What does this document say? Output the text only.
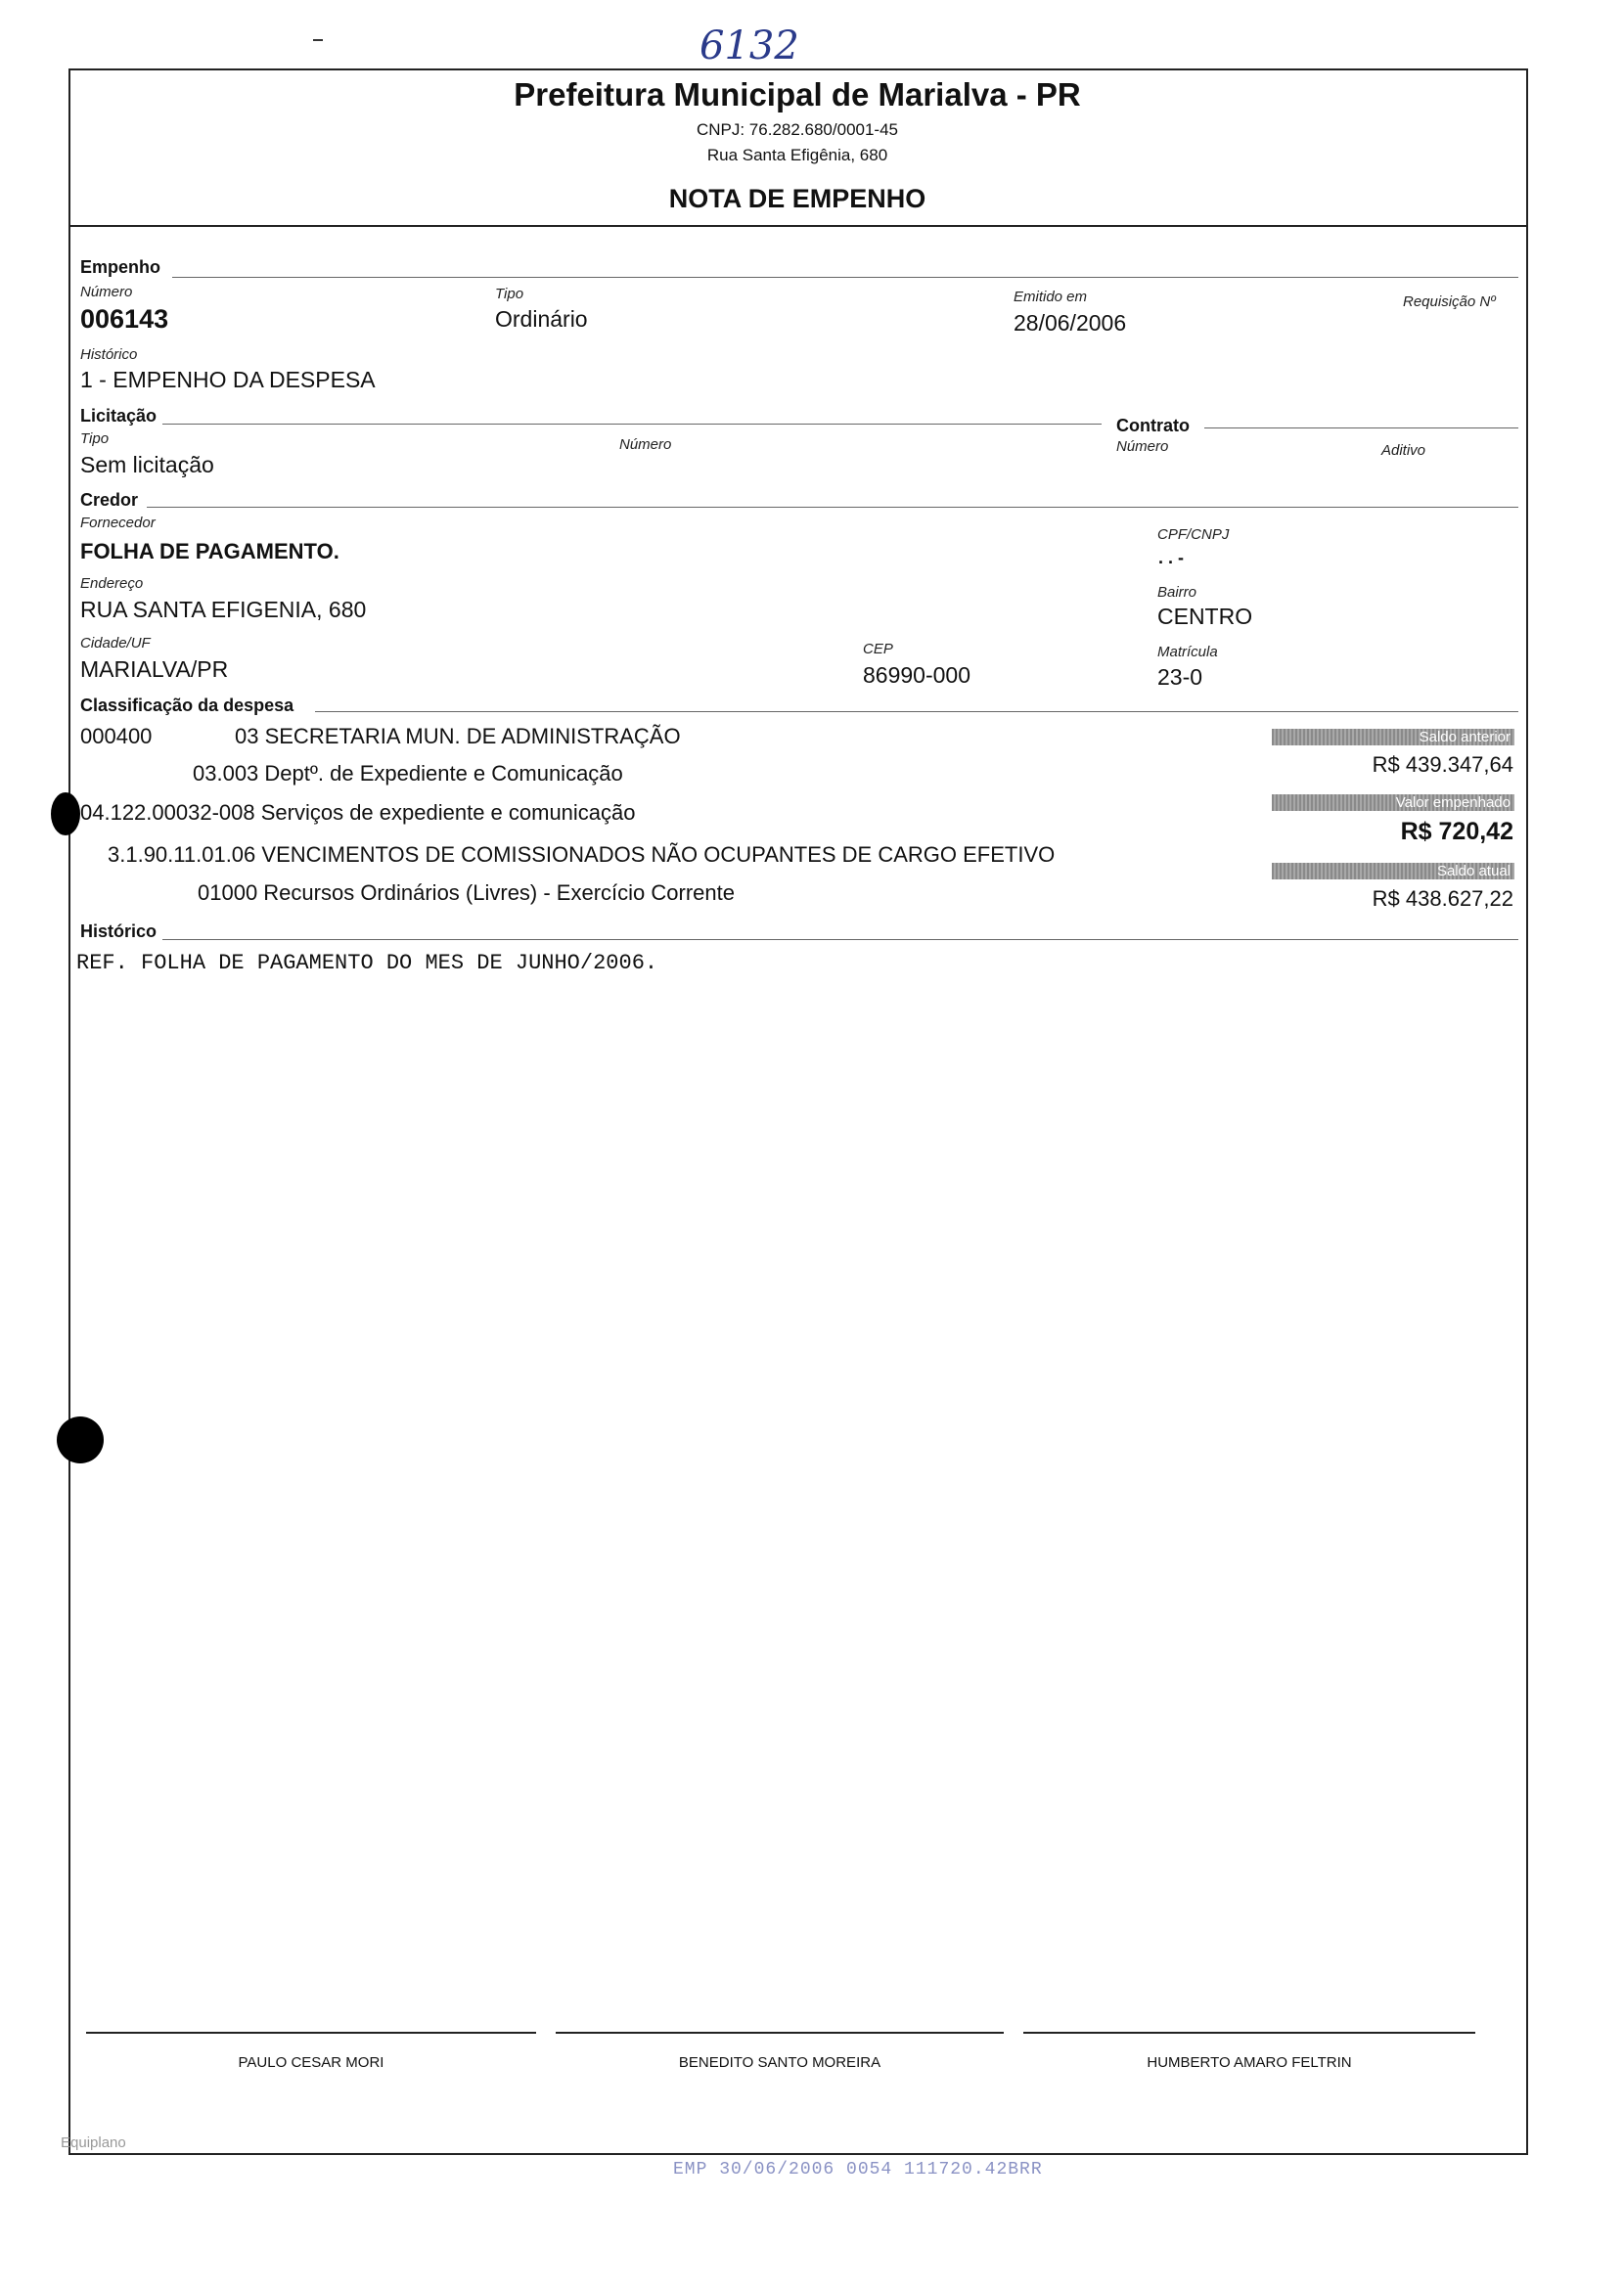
6132
Prefeitura Municipal de Marialva - PR
CNPJ: 76.282.680/0001-45
Rua Santa Efigênia, 680
NOTA DE EMPENHO
Empenho
Número
006143
Tipo
Ordinário
Emitido em
28/06/2006
Requisição Nº
Histórico
1 - EMPENHO DA DESPESA
Licitação
Tipo
Sem licitação
Número
Contrato
Número	Aditivo
Credor
Fornecedor
FOLHA DE PAGAMENTO.
CPF/CNPJ
. . -
Endereço
RUA SANTA EFIGENIA, 680
Bairro
CENTRO
Cidade/UF
MARIALVA/PR
CEP
86990-000
Matrícula
23-0
Classificação da despesa
000400	03 SECRETARIA MUN. DE ADMINISTRAÇÃO
03.003 Deptº. de Expediente e Comunicação
04.122.00032-008 Serviços de expediente e comunicação
3.1.90.11.01.06 VENCIMENTOS DE COMISSIONADOS NÃO OCUPANTES DE CARGO EFETIVO
01000 Recursos Ordinários (Livres) - Exercício Corrente
Saldo anterior
R$ 439.347,64
Valor empenhado
R$ 720,42
Saldo atual
R$ 438.627,22
Histórico
REF. FOLHA DE PAGAMENTO DO MES DE JUNHO/2006.
PAULO CESAR MORI	BENEDITO SANTO MOREIRA	HUMBERTO AMARO FELTRIN
Equiplano
EMP 30/06/2006 0054 111720.42BRR
